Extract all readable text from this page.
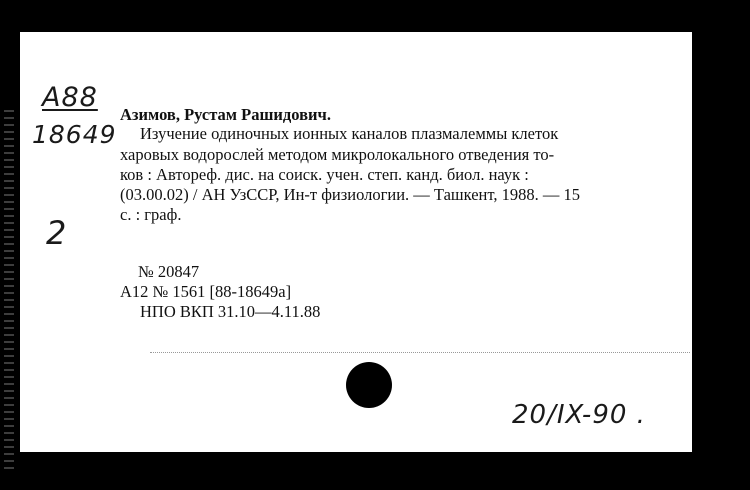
А88
18649
2
Азимов, Рустам Рашидович.
Изучение одиночных ионных каналов плазмалеммы клеток
харовых водорослей методом микролокального отведения то-
ков : Автореф. дис. на соиск. учен. степ. канд. биол. наук :
(03.00.02) / АН УзССР, Ин-т физиологии. — Ташкент, 1988. — 15
с. : граф.
№ 20847
А12 № 1561 [88-18649а]
НПО ВКП 31.10—4.11.88
20/IX-90 .
